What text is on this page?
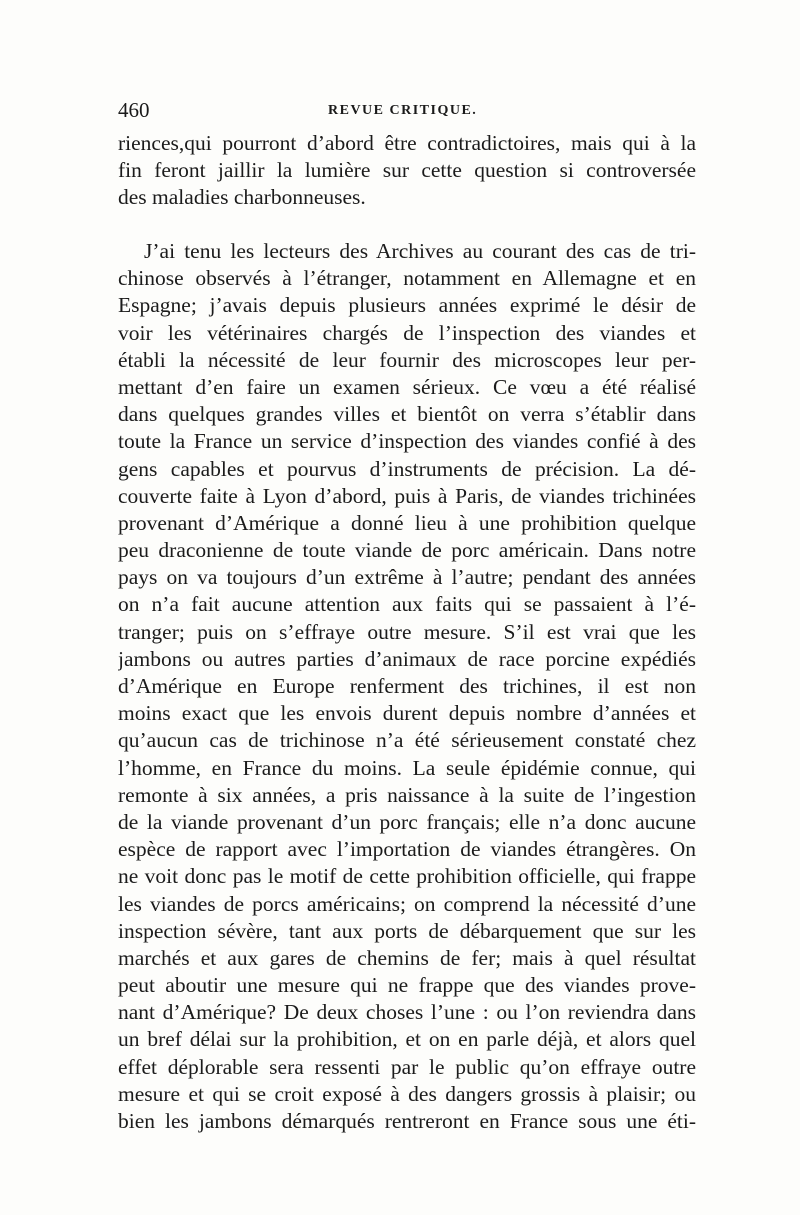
460	REVUE CRITIQUE.
riences,qui pourront d’abord être contradictoires, mais qui à la
fin feront jaillir la lumière sur cette question si controversée
des maladies charbonneuses.
J’ai tenu les lecteurs des Archives au courant des cas de tri-
chinose observés à l’étranger, notamment en Allemagne et en
Espagne; j’avais depuis plusieurs années exprimé le désir de
voir les vétérinaires chargés de l’inspection des viandes et
établi la nécessité de leur fournir des microscopes leur per-
mettant d’en faire un examen sérieux. Ce vœu a été réalisé
dans quelques grandes villes et bientôt on verra s’établir dans
toute la France un service d’inspection des viandes confié à des
gens capables et pourvus d’instruments de précision. La dé-
couverte faite à Lyon d’abord, puis à Paris, de viandes trichinées
provenant d’Amérique a donné lieu à une prohibition quelque
peu draconienne de toute viande de porc américain. Dans notre
pays on va toujours d’un extrême à l’autre; pendant des années
on n’a fait aucune attention aux faits qui se passaient à l’é-
tranger; puis on s’effraye outre mesure. S’il est vrai que les
jambons ou autres parties d’animaux de race porcine expédiés
d’Amérique en Europe renferment des trichines, il est non
moins exact que les envois durent depuis nombre d’années et
qu’aucun cas de trichinose n’a été sérieusement constaté chez
l’homme, en France du moins. La seule épidémie connue, qui
remonte à six années, a pris naissance à la suite de l’ingestion
de la viande provenant d’un porc français; elle n’a donc aucune
espèce de rapport avec l’importation de viandes étrangères. On
ne voit donc pas le motif de cette prohibition officielle, qui frappe
les viandes de porcs américains; on comprend la nécessité d’une
inspection sévère, tant aux ports de débarquement que sur les
marchés et aux gares de chemins de fer; mais à quel résultat
peut aboutir une mesure qui ne frappe que des viandes prove-
nant d’Amérique? De deux choses l’une : ou l’on reviendra dans
un bref délai sur la prohibition, et on en parle déjà, et alors quel
effet déplorable sera ressenti par le public qu’on effraye outre
mesure et qui se croit exposé à des dangers grossis à plaisir; ou
bien les jambons démarqués rentreront en France sous une éti-
